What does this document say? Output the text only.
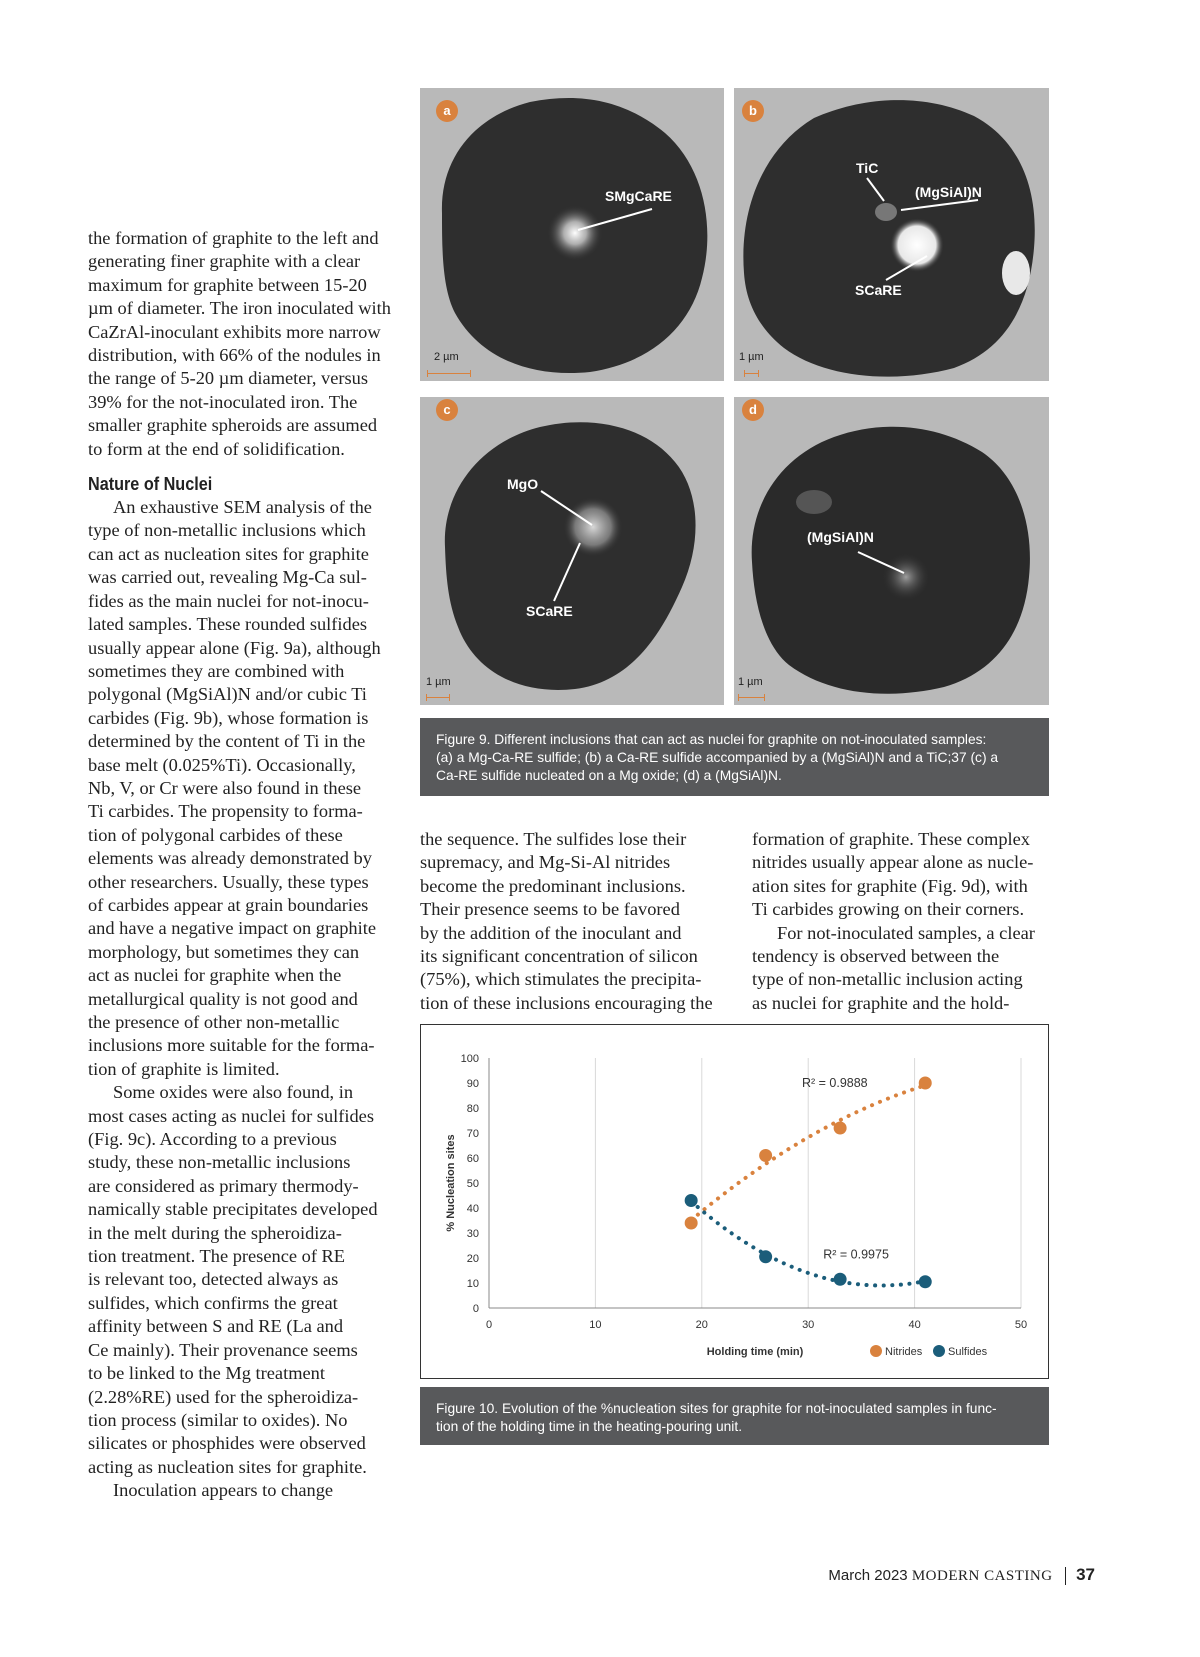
the formation of graphite to the left and
generating finer graphite with a clear
maximum for graphite between 15-20
µm of diameter. The iron inoculated with
CaZrAl-inoculant exhibits more narrow
distribution, with 66% of the nodules in
the range of 5-20 µm diameter, versus
39% for the not-inoculated iron. The
smaller graphite spheroids are assumed
to form at the end of solidification.

Nature of Nuclei

An exhaustive SEM analysis of the
type of non-metallic inclusions which
can act as nucleation sites for graphite
was carried out, revealing Mg-Ca sul-
fides as the main nuclei for not-inocu-
lated samples. These rounded sulfides
usually appear alone (Fig. 9a), although
sometimes they are combined with
polygonal (MgSiAl)N and/or cubic Ti
carbides (Fig. 9b), whose formation is
determined by the content of Ti in the
base melt (0.025%Ti). Occasionally,
Nb, V, or Cr were also found in these
Ti carbides. The propensity to forma-
tion of polygonal carbides of these
elements was already demonstrated by
other researchers. Usually, these types
of carbides appear at grain boundaries
and have a negative impact on graphite
morphology, but sometimes they can
act as nuclei for graphite when the
metallurgical quality is not good and
the presence of other non-metallic
inclusions more suitable for the forma-
tion of graphite is limited.

Some oxides were also found, in
most cases acting as nuclei for sulfides
(Fig. 9c). According to a previous
study, these non-metallic inclusions
are considered as primary thermody-
namically stable precipitates developed
in the melt during the spheroidiza-
tion treatment. The presence of RE
is relevant too, detected always as
sulfides, which confirms the great
affinity between S and RE (La and
Ce mainly). Their provenance seems
to be linked to the Mg treatment
(2.28%RE) used for the spheroidiza-
tion process (similar to oxides). No
silicates or phosphides were observed
acting as nucleation sites for graphite.

Inoculation appears to change

a
SMgCaRE
2 µm
b
TiC
(MgSiAl)N
SCaRE
1 µm
c
MgO
SCaRE
1 µm
d
(MgSiAl)N
1 µm
Figure 9. Different inclusions that can act as nuclei for graphite on not-inoculated samples:
(a) a Mg-Ca-RE sulfide; (b) a Ca-RE sulfide accompanied by a (MgSiAl)N and a TiC;37 (c) a
Ca-RE sulfide nucleated on a Mg oxide; (d) a (MgSiAl)N.
the sequence. The sulfides lose their
supremacy, and Mg-Si-Al nitrides
become the predominant inclusions.
Their presence seems to be favored
by the addition of the inoculant and
its significant concentration of silicon
(75%), which stimulates the precipita-
tion of these inclusions encouraging the

formation of graphite. These complex
nitrides usually appear alone as nucle-
ation sites for graphite (Fig. 9d), with
Ti carbides growing on their corners.

For not-inoculated samples, a clear
tendency is observed between the
type of non-metallic inclusion acting
as nuclei for graphite and the hold-

0	10	20	30	40	50
0
10
20
30
40
50
60
70
80
90
100
R² = 0.9888
R² = 0.9975
Holding time (min)
% Nucleation sites
Nitrides Sulfides
Figure 10. Evolution of the %nucleation sites for graphite for not-inoculated samples in func-
tion of the holding time in the heating-pouring unit.
March 2023 MODERN CASTING 37
